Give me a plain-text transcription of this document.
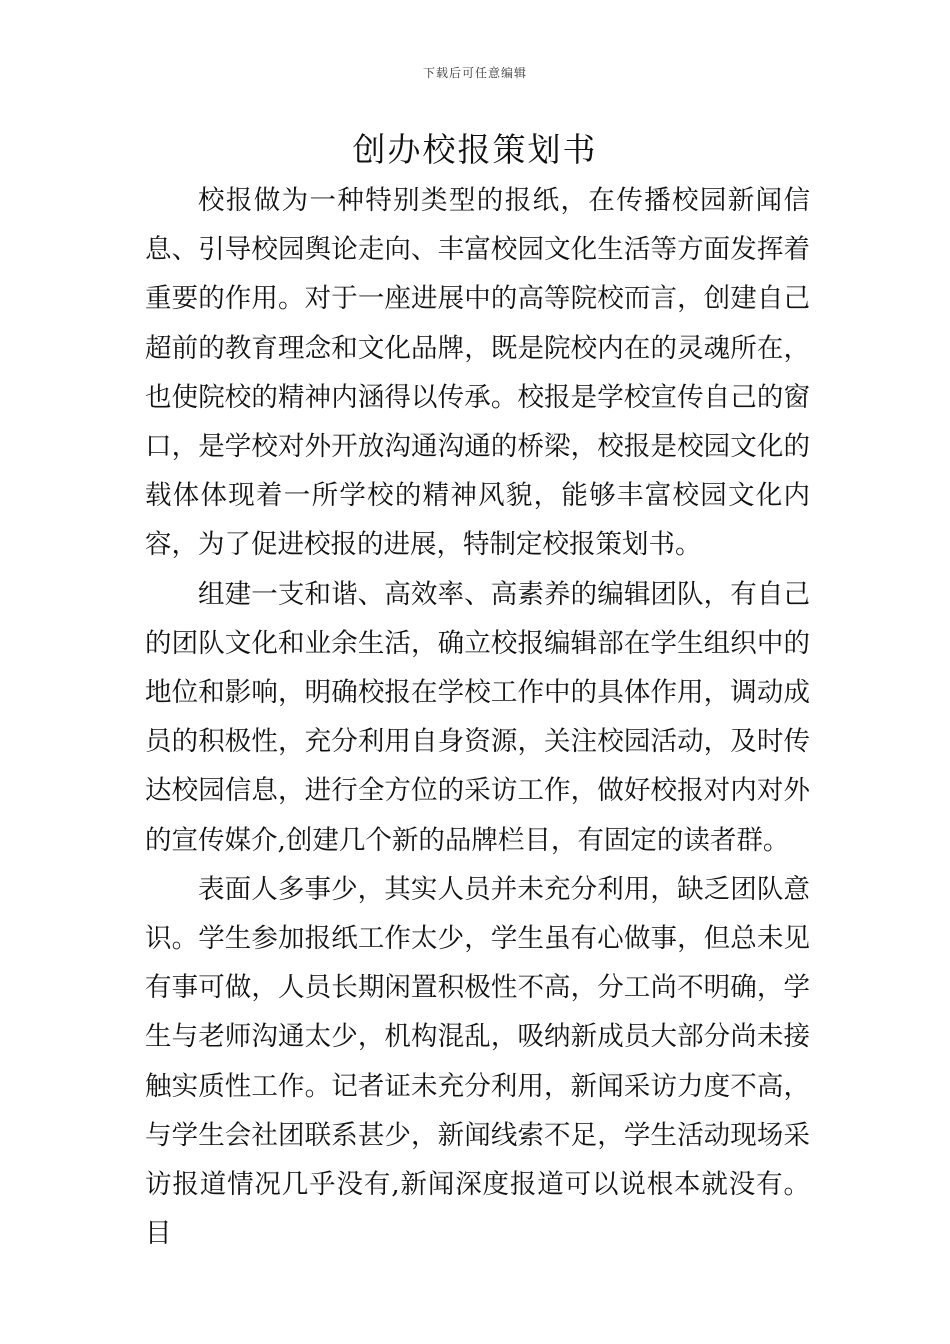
下载后可任意编辑
创办校报策划书

校报做为一种特别类型的报纸，在传播校园新闻信息、引导校园舆论走向、丰富校园文化生活等方面发挥着重要的作用。对于一座进展中的高等院校而言，创建自己超前的教育理念和文化品牌，既是院校内在的灵魂所在，也使院校的精神内涵得以传承。校报是学校宣传自己的窗口，是学校对外开放沟通沟通的桥梁，校报是校园文化的载体体现着一所学校的精神风貌，能够丰富校园文化内容，为了促进校报的进展，特制定校报策划书。

组建一支和谐、高效率、高素养的编辑团队，有自己的团队文化和业余生活，确立校报编辑部在学生组织中的地位和影响，明确校报在学校工作中的具体作用，调动成员的积极性，充分利用自身资源，关注校园活动，及时传达校园信息，进行全方位的采访工作，做好校报对内对外的宣传媒介,创建几个新的品牌栏目，有固定的读者群。

表面人多事少，其实人员并未充分利用，缺乏团队意识。学生参加报纸工作太少，学生虽有心做事，但总未见有事可做，人员长期闲置积极性不高，分工尚不明确，学生与老师沟通太少，机构混乱，吸纳新成员大部分尚未接触实质性工作。记者证未充分利用，新闻采访力度不高，与学生会社团联系甚少，新闻线索不足，学生活动现场采访报道情况几乎没有,新闻深度报道可以说根本就没有。目
